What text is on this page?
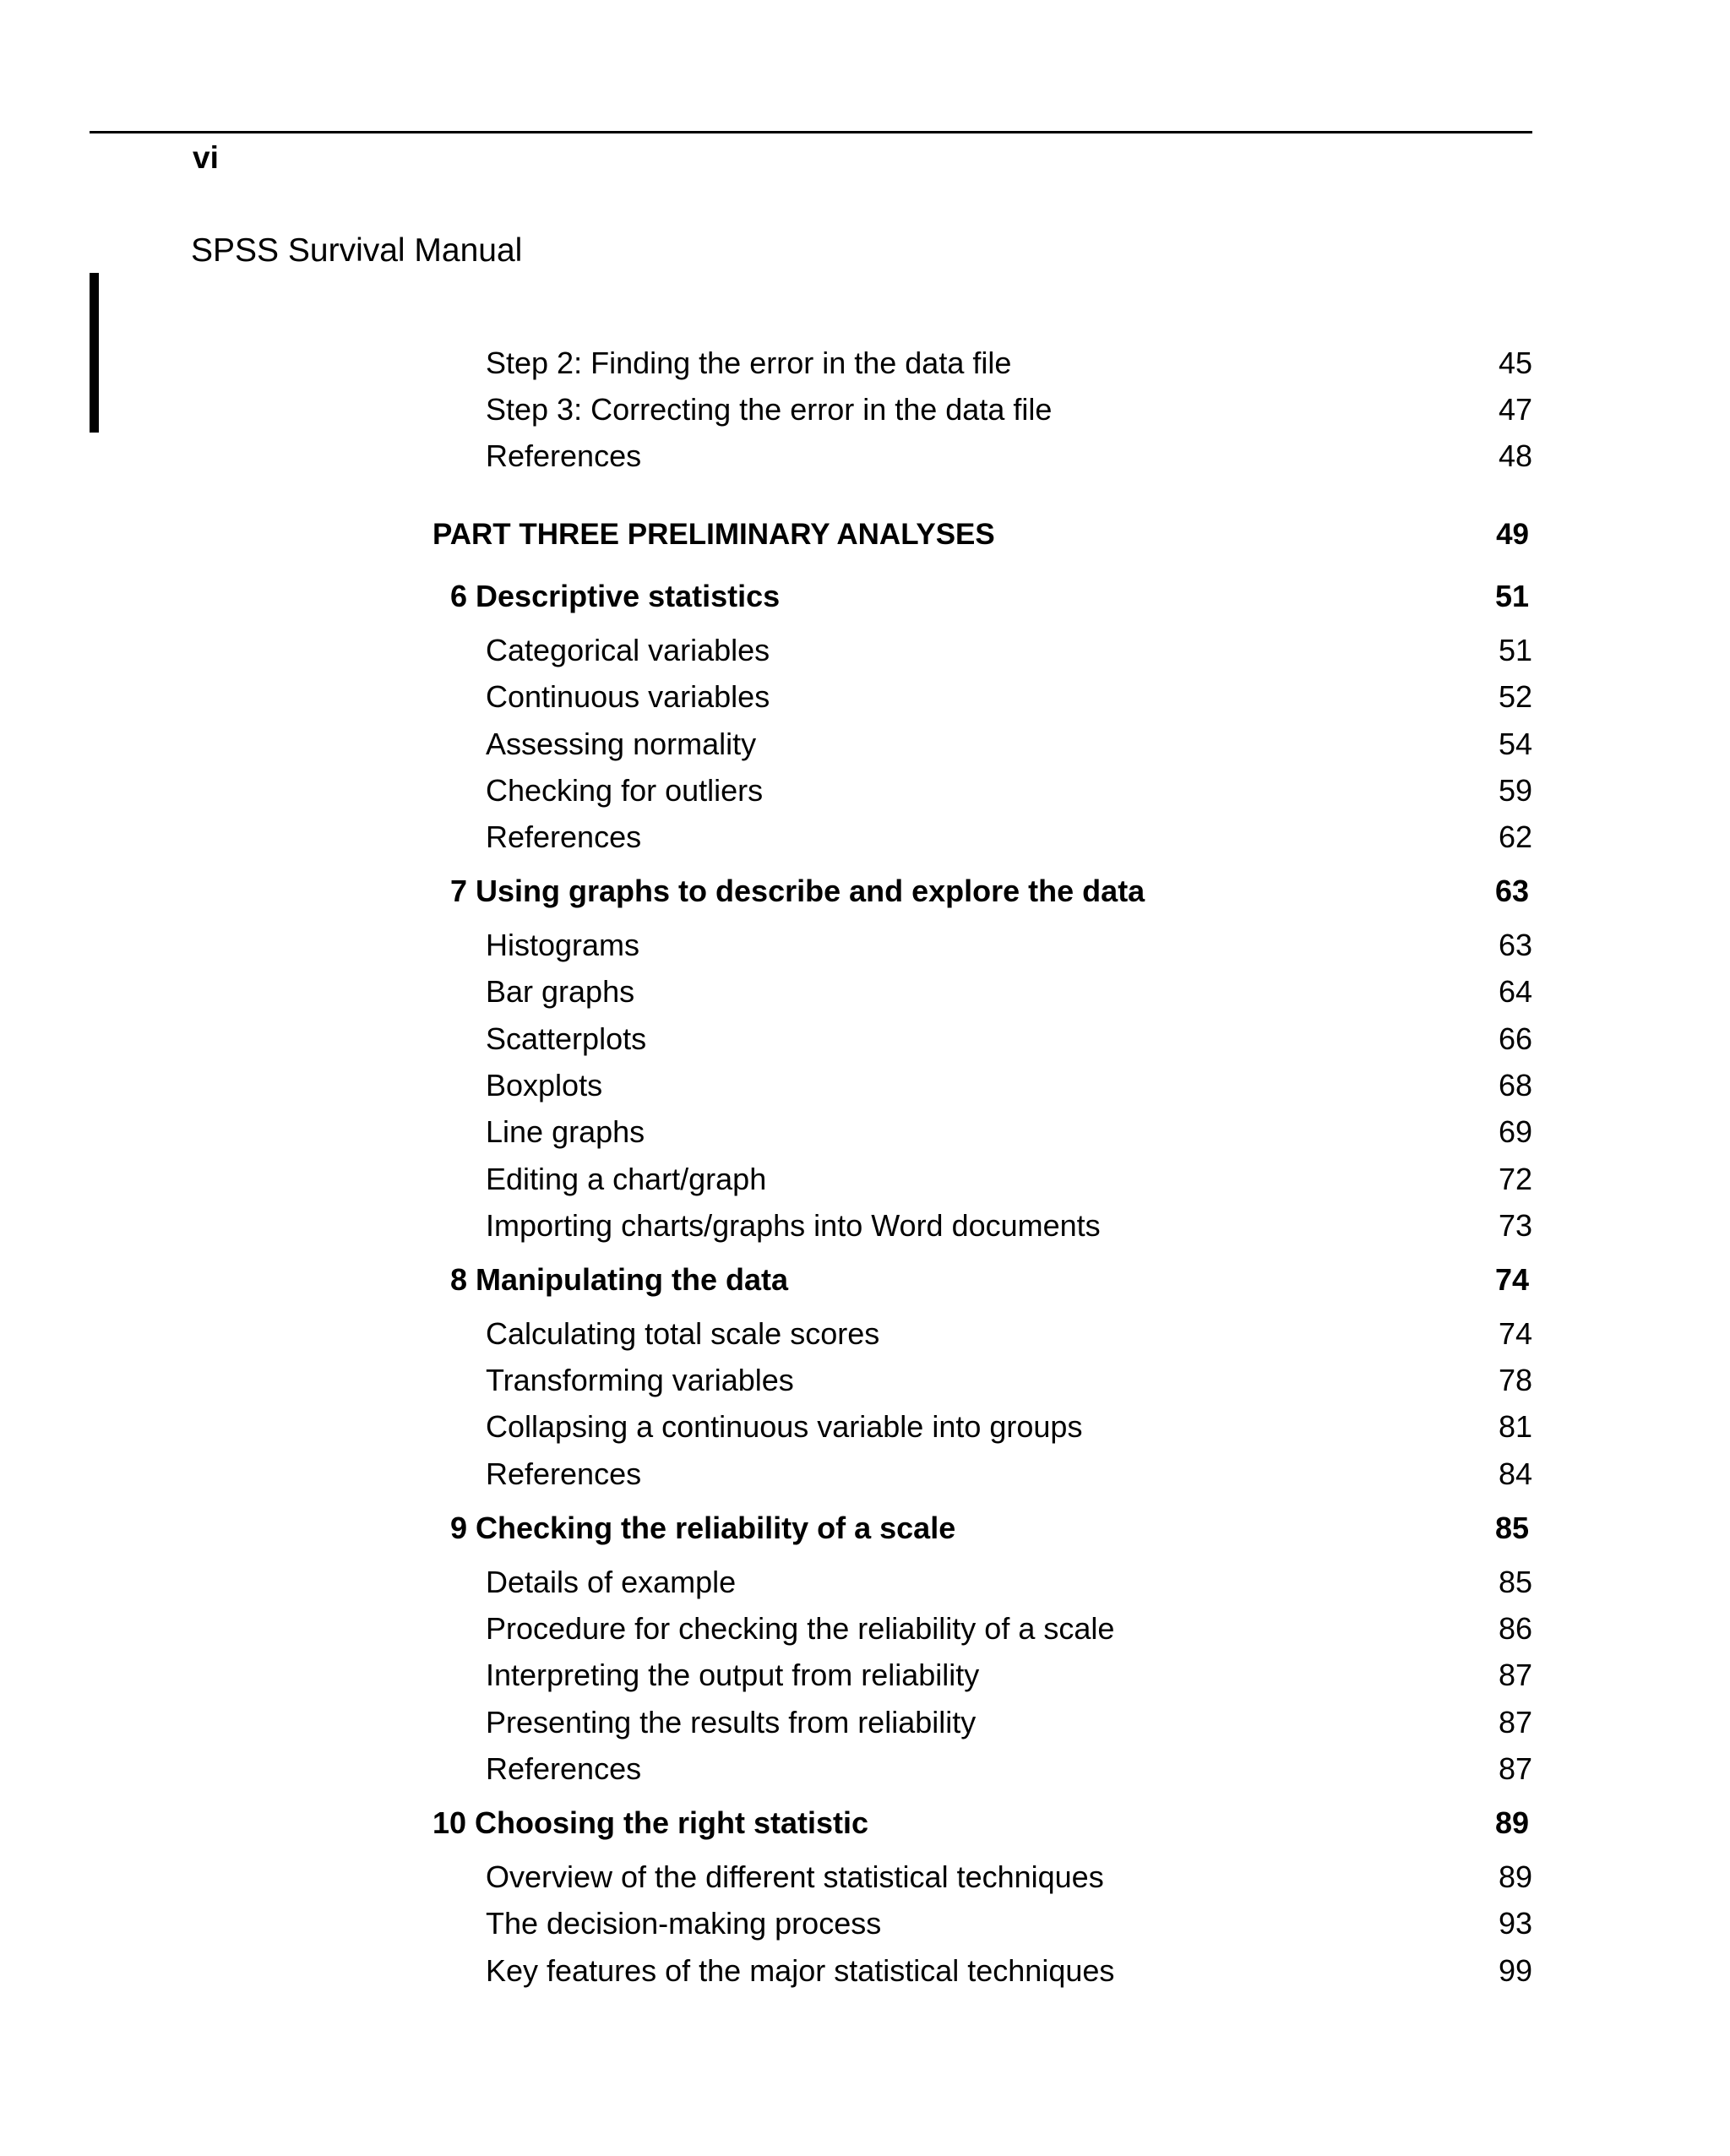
vi
SPSS Survival Manual
Step 2: Finding the error in the data file	45
Step 3: Correcting the error in the data file	47
References	48
PART THREE PRELIMINARY ANALYSES	49
6 Descriptive statistics	51
Categorical variables	51
Continuous variables	52
Assessing normality	54
Checking for outliers	59
References	62
7 Using graphs to describe and explore the data	63
Histograms	63
Bar graphs	64
Scatterplots	66
Boxplots	68
Line graphs	69
Editing a chart/graph	72
Importing charts/graphs into Word documents	73
8 Manipulating the data	74
Calculating total scale scores	74
Transforming variables	78
Collapsing a continuous variable into groups	81
References	84
9 Checking the reliability of a scale	85
Details of example	85
Procedure for checking the reliability of a scale	86
Interpreting the output from reliability	87
Presenting the results from reliability	87
References	87
10 Choosing the right statistic	89
Overview of the different statistical techniques	89
The decision-making process	93
Key features of the major statistical techniques	99
